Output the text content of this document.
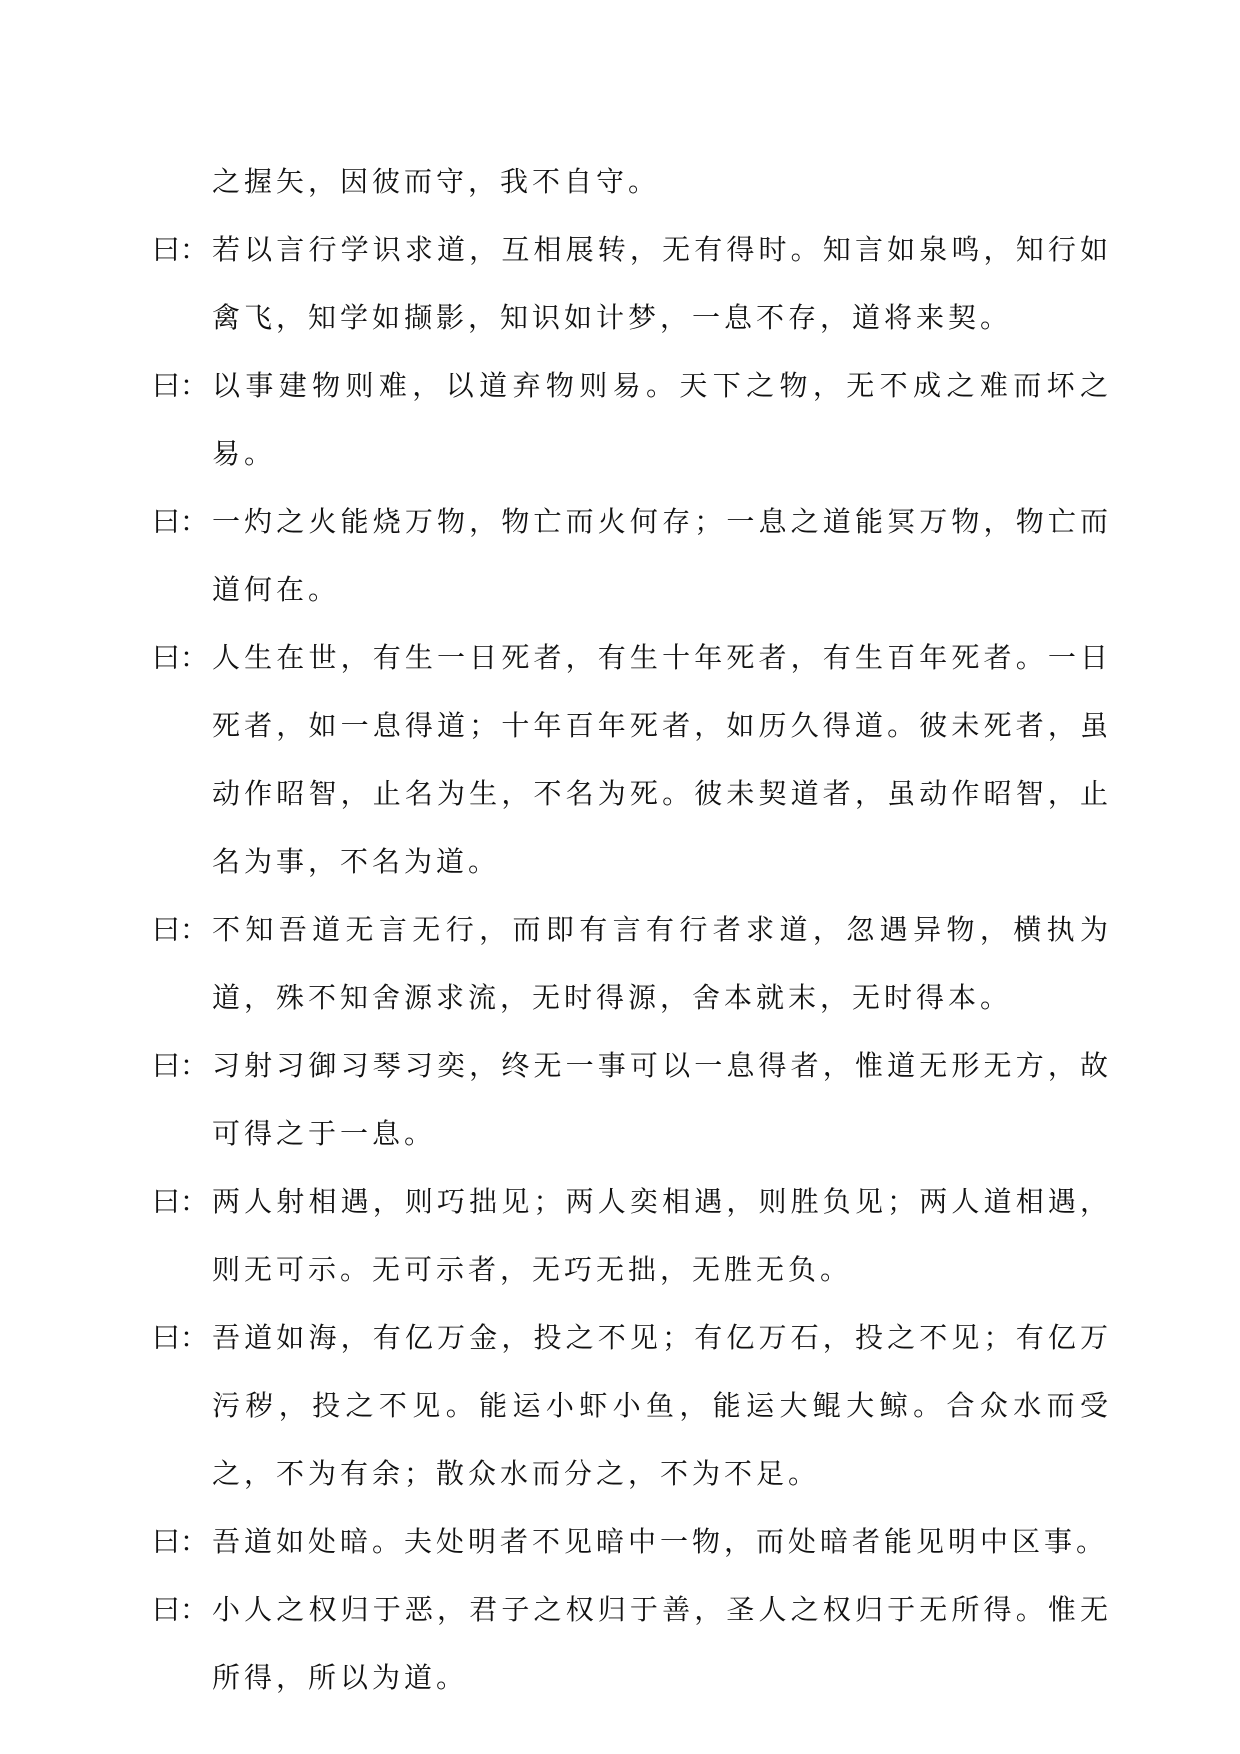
之握矢，因彼而守，我不自守。

曰： 若以言行学识求道，互相展转，无有得时。知言如泉鸣，知行如禽飞，知学如撷影，知识如计梦，一息不存，道将来契。

曰： 以事建物则难，以道弃物则易。天下之物，无不成之难而坏之易。

曰： 一灼之火能烧万物，物亡而火何存；一息之道能冥万物，物亡而道何在。

曰： 人生在世，有生一日死者，有生十年死者，有生百年死者。一日死者，如一息得道；十年百年死者，如历久得道。彼未死者，虽动作昭智，止名为生，不名为死。彼未契道者，虽动作昭智，止名为事，不名为道。

曰： 不知吾道无言无行，而即有言有行者求道，忽遇异物，横执为道，殊不知舍源求流，无时得源，舍本就末，无时得本。

曰： 习射习御习琴习奕，终无一事可以一息得者，惟道无形无方，故可得之于一息。

曰： 两人射相遇，则巧拙见；两人奕相遇，则胜负见；两人道相遇，则无可示。无可示者，无巧无拙，无胜无负。

曰： 吾道如海，有亿万金，投之不见；有亿万石，投之不见；有亿万污秽，投之不见。能运小虾小鱼，能运大鲲大鲸。合众水而受之，不为有余；散众水而分之，不为不足。

曰： 吾道如处暗。夫处明者不见暗中一物，而处暗者能见明中区事。

曰： 小人之权归于恶，君子之权归于善，圣人之权归于无所得。惟无所得，所以为道。
